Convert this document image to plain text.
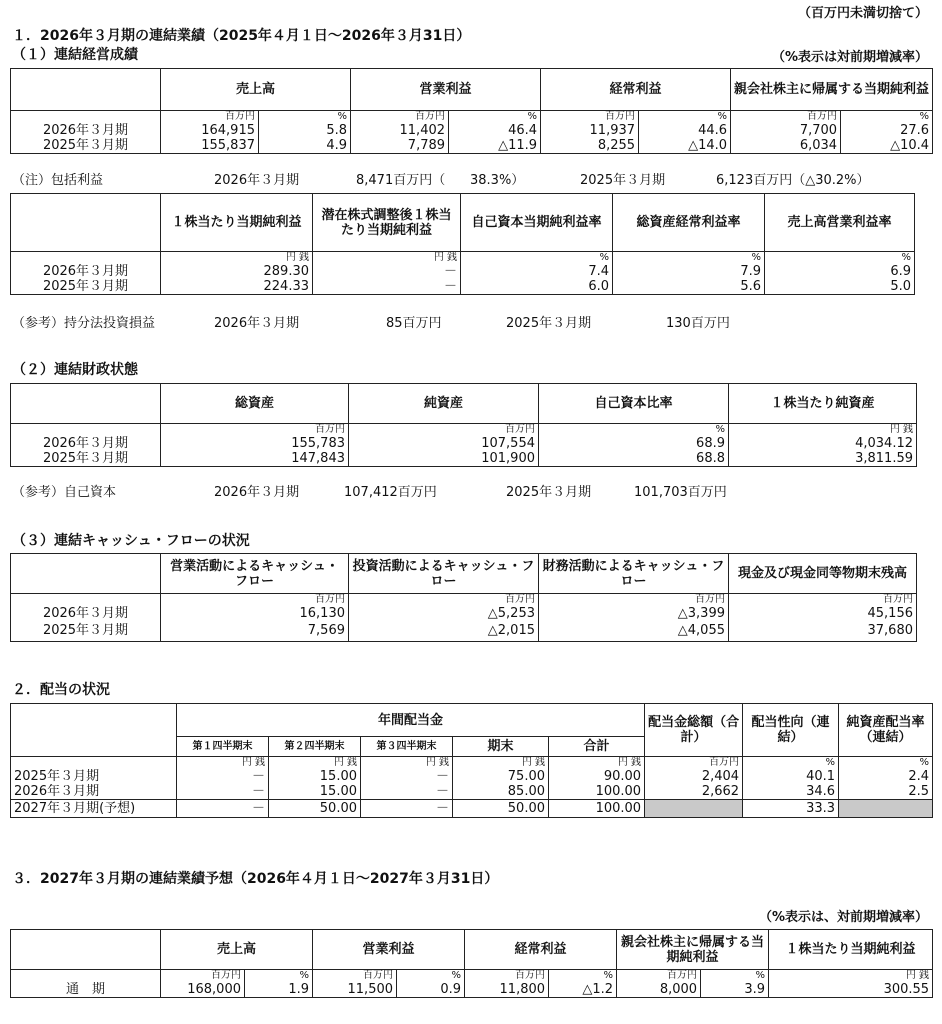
（百万円未満切捨て）
１．2026年３月期の連結業績（2025年４月１日～2026年３月31日）
（１）連結経営成績	（%表示は対前期増減率）
	売上高		営業利益		経常利益		親会社株主に帰属する当期純利益	
	百万円	%	百万円	%	百万円	%	百万円	%
2026年３月期	164,915	5.8	11,402	46.4	11,937	44.6	7,700	27.6
2025年３月期	155,837	4.9	7,789	△11.9	8,255	△14.0	6,034	△10.4
（注）包括利益	2026年３月期	8,471百万円（ 38.3%）	2025年３月期	6,123百万円（△30.2%）
	１株当たり当期純利益	潜在株式調整後１株当たり当期純利益	自己資本当期純利益率	総資産経常利益率	売上高営業利益率
	円 銭	円 銭	%	%	%
2026年３月期	289.30	－	7.4	7.9	6.9
2025年３月期	224.33	－	6.0	5.6	5.0
（参考）持分法投資損益	2026年３月期	85百万円	2025年３月期	130百万円
（２）連結財政状態
	総資産	純資産	自己資本比率	１株当たり純資産
	百万円	百万円	%	円 銭
2026年３月期	155,783	107,554	68.9	4,034.12
2025年３月期	147,843	101,900	68.8	3,811.59
（参考）自己資本	2026年３月期	107,412百万円	2025年３月期	101,703百万円
（３）連結キャッシュ・フローの状況
	営業活動によるキャッシュ・フロー	投資活動によるキャッシュ・フロー	財務活動によるキャッシュ・フロー	現金及び現金同等物期末残高
	百万円	百万円	百万円	百万円
2026年３月期	16,130	△5,253	△3,399	45,156
2025年３月期	7,569	△2,015	△4,055	37,680
２．配当の状況
	年間配当金					配当金総額（合計）	配当性向（連結）	純資産配当率（連結）
	第１四半期末	第２四半期末	第３四半期末	期末	合計			
	円 銭	円 銭	円 銭	円 銭	円 銭	百万円	%	%
2025年３月期	－	15.00	－	75.00	90.00	2,404	40.1	2.4
2026年３月期	－	15.00	－	85.00	100.00	2,662	34.6	2.5
2027年３月期(予想)	－	50.00	－	50.00	100.00		33.3	
３．2027年３月期の連結業績予想（2026年４月１日～2027年３月31日）
（%表示は、対前期増減率）
	売上高		営業利益		経常利益		親会社株主に帰属する当期純利益		１株当たり当期純利益
	百万円	%	百万円	%	百万円	%	百万円	%	円 銭
通　期	168,000	1.9	11,500	0.9	11,800	△1.2	8,000	3.9	300.55
